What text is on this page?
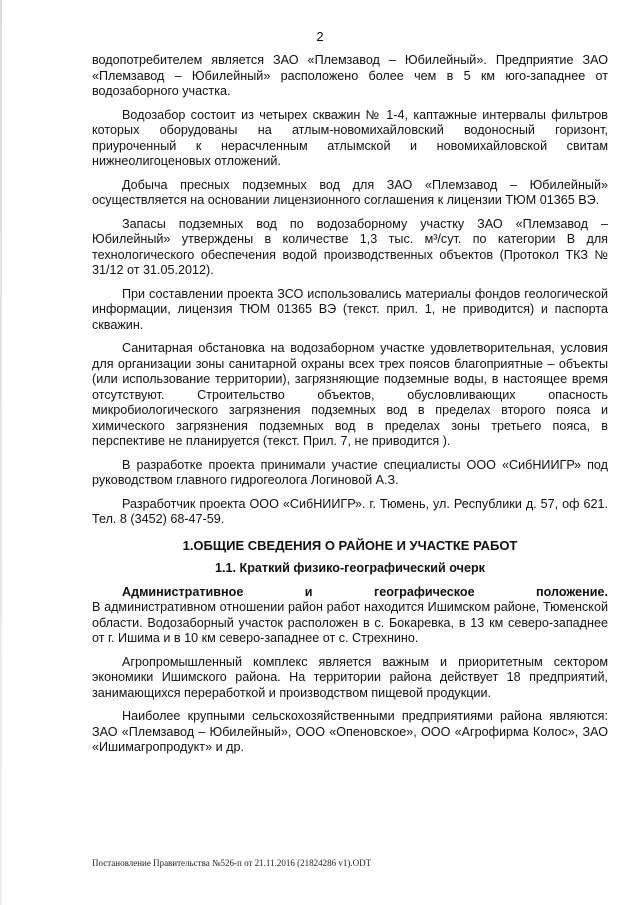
2

водопотребителем является ЗАО «Племзавод – Юбилейный». Предприятие ЗАО «Племзавод – Юбилейный» расположено более чем в 5 км юго-западнее от водозаборного участка.

Водозабор состоит из четырех скважин № 1-4, каптажные интервалы фильтров которых оборудованы на атлым-новомихайловский водоносный горизонт, приуроченный к нерасчленным атлымской и новомихайловской свитам нижнеолигоценовых отложений.

Добыча пресных подземных вод для ЗАО «Племзавод – Юбилейный» осуществляется на основании лицензионного соглашения к лицензии ТЮМ 01365 ВЭ.

Запасы подземных вод по водозаборному участку ЗАО «Племзавод – Юбилейный» утверждены в количестве 1,3 тыс. м³/сут. по категории В для технологического обеспечения водой производственных объектов (Протокол ТКЗ № 31/12 от 31.05.2012).

При составлении проекта ЗСО использовались материалы фондов геологической информации, лицензия ТЮМ 01365 ВЭ (текст. прил. 1, не приводится) и паспорта скважин.

Санитарная обстановка на водозаборном участке удовлетворительная, условия для организации зоны санитарной охраны всех трех поясов благоприятные – объекты (или использование территории), загрязняющие подземные воды, в настоящее время отсутствуют. Строительство объектов, обусловливающих опасность микробиологического загрязнения подземных вод в пределах второго пояса и химического загрязнения подземных вод в пределах зоны третьего пояса, в перспективе не планируется (текст. Прил. 7, не приводится ).

В разработке проекта принимали участие специалисты ООО «СибНИИГР» под руководством главного гидрогеолога Логиновой А.З.

Разработчик проекта ООО «СибНИИГР». г. Тюмень, ул. Республики д. 57, оф 621. Тел. 8 (3452) 68-47-59.

1.ОБЩИЕ СВЕДЕНИЯ О РАЙОНЕ И УЧАСТКЕ РАБОТ
1.1. Краткий физико-географический очерк

Административное и географическое положение.
В административном отношении район работ находится Ишимском районе, Тюменской области. Водозаборный участок расположен в с. Бокаревка, в 13 км северо-западнее от г. Ишима и в 10 км северо-западнее от с. Стрехнино.

Агропромышленный комплекс является важным и приоритетным сектором экономики Ишимского района. На территории района действует 18 предприятий, занимающихся переработкой и производством пищевой продукции.

Наиболее крупными сельскохозяйственными предприятиями района являются: ЗАО «Племзавод – Юбилейный», ООО «Опеновское», ООО «Агрофирма Колос», ЗАО «Ишимагропродукт» и др.

Постановление Правительства №526-п от 21.11.2016 (21824286 v1).ODT
